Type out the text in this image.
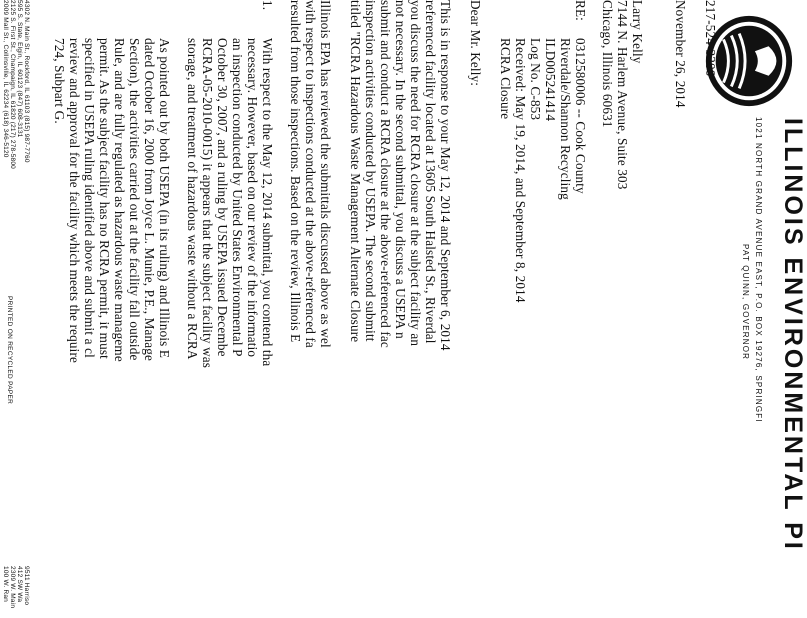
ILLINOIS ENVIRONMENTAL PI
1021 NORTH GRAND AVENUE EAST, P.O. BOX 19276, SPRINGFI
PAT QUINN, GOVERNOR
217-524-3300
November 26, 2014
Larry Kelly
7144 N. Harlem Avenue, Suite 303
Chicago, Illinois 60631
RE:
0312580006 -- Cook County
Riverdale/Shannon Recycling
ILD005241414
Log No. C-853
Received: May 19, 2014, and September 8, 2014
RCRA Closure
Dear Mr. Kelly:
This is in response to your May 12, 2014 and September 6, 2014
referenced facility located at 13605 South Halsted St., Riverdal
you discuss the need for RCRA closure at the subject facility an
not necessary. In the second submittal, you discuss a USEPA n
submit and conduct a RCRA closure at the above-referenced fac
inspection activities conducted by USEPA. The second submitt
titled "RCRA Hazardous Waste Management Alternate Closure
Illinois EPA has reviewed the submittals discussed above as wel
with respect to inspections conducted at the above-referenced fa
resulted from those inspections. Based on the review, Illinois E
1.
With respect to the May 12, 2014 submittal, you contend tha
necessary. However, based on our review of the informatio
an inspection conducted by United States Environmental P
October 30, 2007, and a ruling by USEPA issued Decembe
RCRA-05-2010-0015) it appears that the subject facility was
storage, and treatment of hazardous waste without a RCRA
As pointed out by both USEPA (in its ruling) and Illinois E
dated October 16, 2000 from Joyce L. Munie, P.E., Manage
Section), the activities carried out at the facility fall outside
Rule, and are fully regulated as hazardous waste manageme
permit. As the subject facility has no RCRA permit, it must
specified in USEPA ruling identified above and submit a cl
review and approval for the facility which meets the require
724, Subpart G.
4302 N. Main St., Rockford, IL 61103 (815) 987-7760
595 S. State, Elgin, IL 60123 (847) 608-3131
2125 S. First St., Champaign, IL 61820 (217) 278-5800
2009 Mall St., Collinsville, IL 62234 (618) 346-5120
PRINTED ON RECYCLED PAPER
9511 Harriso
412 SW Wa
2309 W. Main
100 W. Ran
